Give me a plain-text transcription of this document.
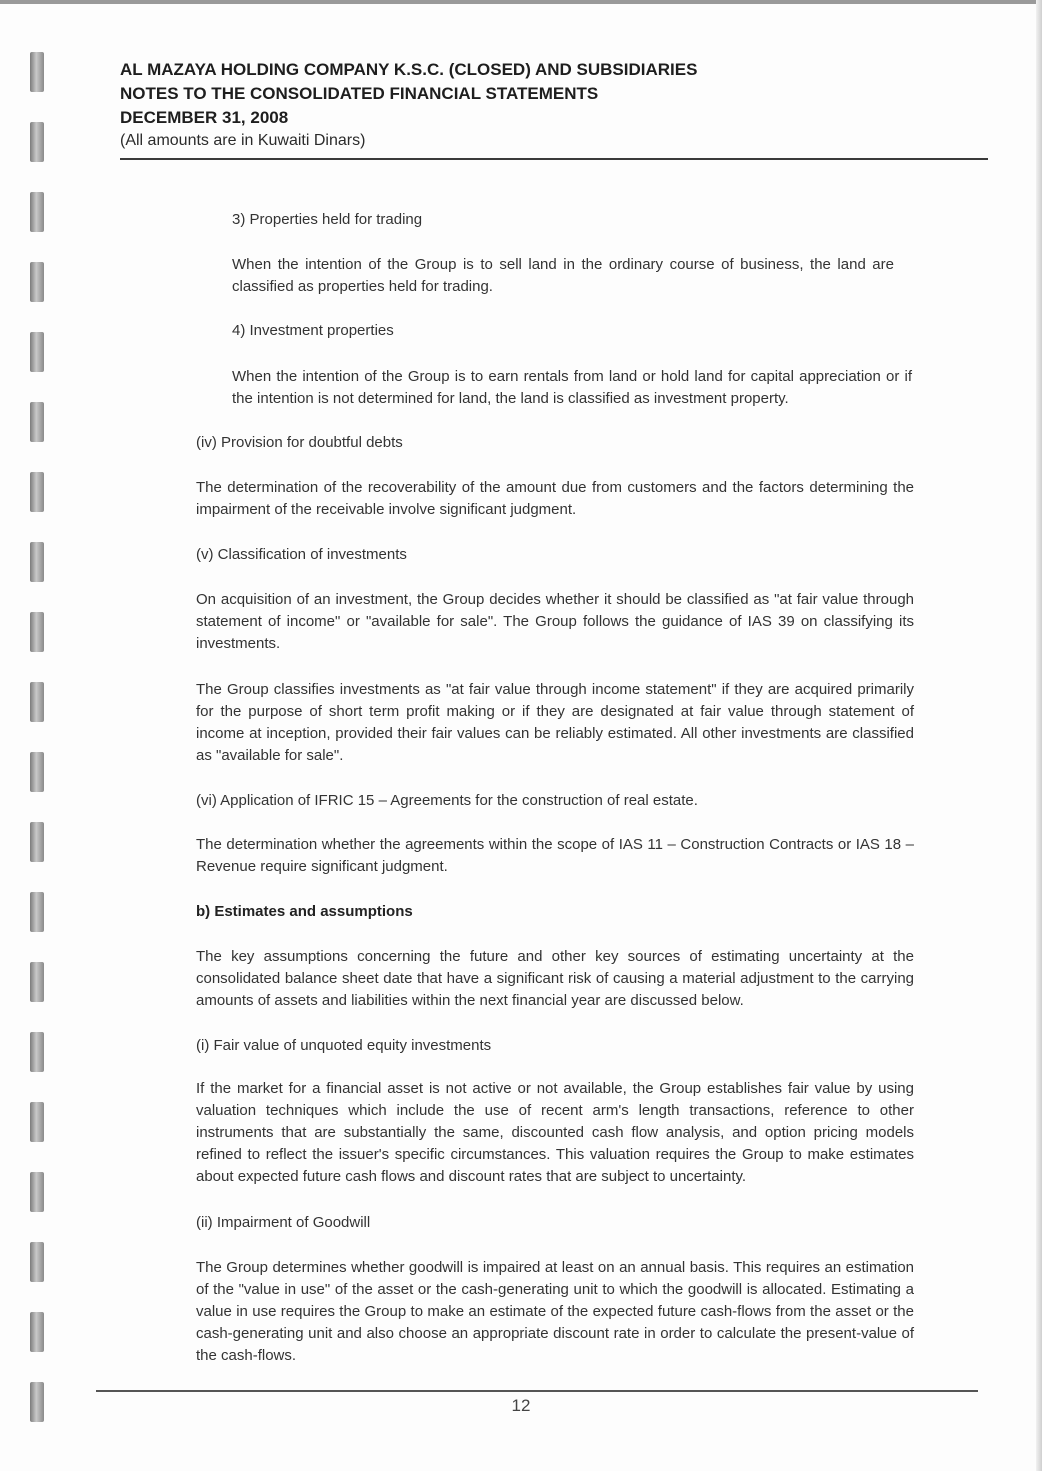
AL MAZAYA HOLDING COMPANY K.S.C. (CLOSED) AND SUBSIDIARIES
NOTES TO THE CONSOLIDATED FINANCIAL STATEMENTS
DECEMBER 31, 2008
(All amounts are in Kuwaiti Dinars)

3) Properties held for trading

When the intention of the Group is to sell land in the ordinary course of business, the land are classified as properties held for trading.

4) Investment properties

When the intention of the Group is to earn rentals from land or hold land for capital appreciation or if the intention is not determined for land, the land is classified as investment property.

(iv) Provision for doubtful debts

The determination of the recoverability of the amount due from customers and the factors determining the impairment of the receivable involve significant judgment.

(v) Classification of investments

On acquisition of an investment, the Group decides whether it should be classified as "at fair value through statement of income" or "available for sale". The Group follows the guidance of IAS 39 on classifying its investments.

The Group classifies investments as "at fair value through income statement" if they are acquired primarily for the purpose of short term profit making or if they are designated at fair value through statement of income at inception, provided their fair values can be reliably estimated. All other investments are classified as "available for sale".

(vi) Application of IFRIC 15 – Agreements for the construction of real estate.

The determination whether the agreements within the scope of IAS 11 – Construction Contracts or IAS 18 – Revenue require significant judgment.

b) Estimates and assumptions

The key assumptions concerning the future and other key sources of estimating uncertainty at the consolidated balance sheet date that have a significant risk of causing a material adjustment to the carrying amounts of assets and liabilities within the next financial year are discussed below.

(i) Fair value of unquoted equity investments

If the market for a financial asset is not active or not available, the Group establishes fair value by using valuation techniques which include the use of recent arm's length transactions, reference to other instruments that are substantially the same, discounted cash flow analysis, and option pricing models refined to reflect the issuer's specific circumstances. This valuation requires the Group to make estimates about expected future cash flows and discount rates that are subject to uncertainty.

(ii) Impairment of Goodwill

The Group determines whether goodwill is impaired at least on an annual basis. This requires an estimation of the "value in use" of the asset or the cash-generating unit to which the goodwill is allocated. Estimating a value in use requires the Group to make an estimate of the expected future cash-flows from the asset or the cash-generating unit and also choose an appropriate discount rate in order to calculate the present-value of the cash-flows.

12
